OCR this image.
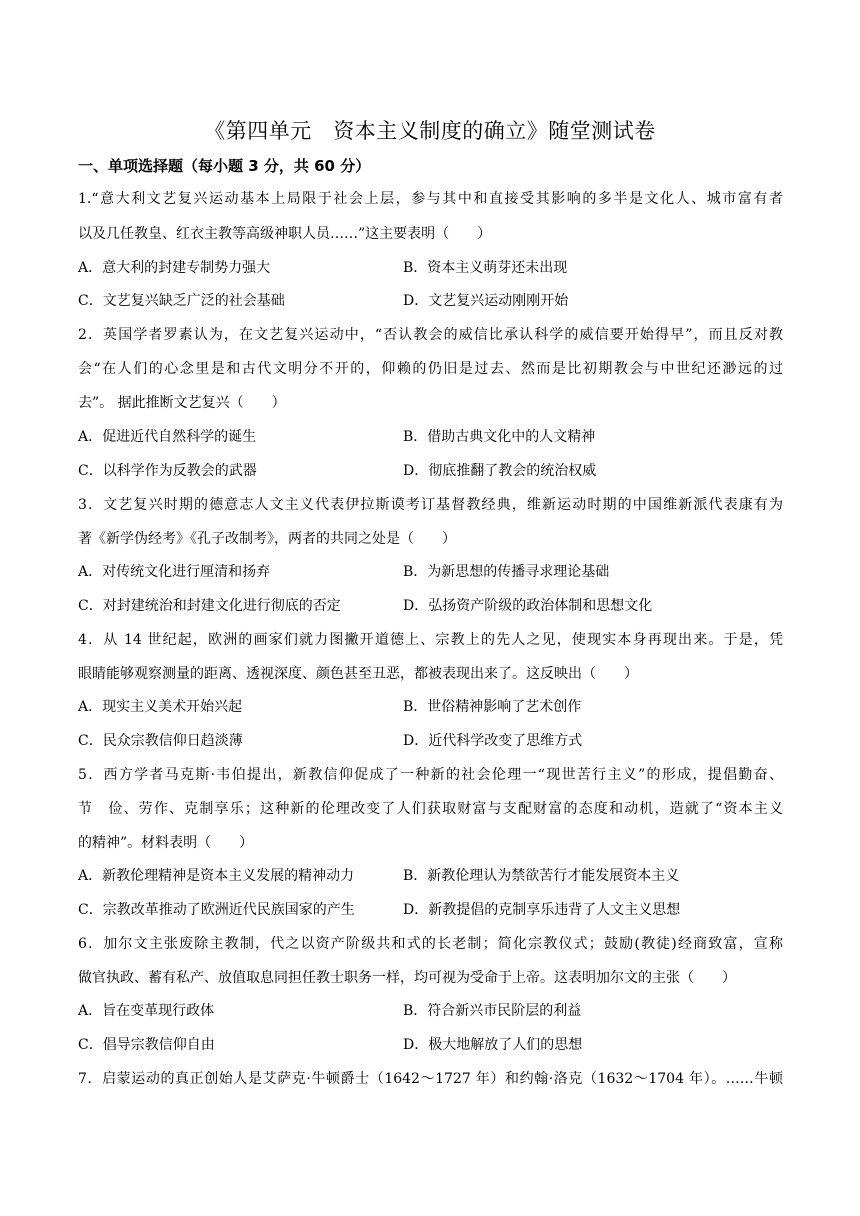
《第四单元　资本主义制度的确立》随堂测试卷
一、单项选择题（每小题 3 分，共 60 分）
1.“意大利文艺复兴运动基本上局限于社会上层，参与其中和直接受其影响的多半是文化人、城市富有者
以及几任教皇、红衣主教等高级神职人员……”这主要表明（　　）
A．意大利的封建专制势力强大	B．资本主义萌芽还未出现
C．文艺复兴缺乏广泛的社会基础	D．文艺复兴运动刚刚开始
2．英国学者罗素认为，在文艺复兴运动中，“否认教会的威信比承认科学的威信要开始得早”，而且反对教
会“在人们的心念里是和古代文明分不开的，仰赖的仍旧是过去、然而是比初期教会与中世纪还渺远的过
去”。 据此推断文艺复兴（　　）
A．促进近代自然科学的诞生	B．借助古典文化中的人文精神
C．以科学作为反教会的武器	D．彻底推翻了教会的统治权威
3．文艺复兴时期的德意志人文主义代表伊拉斯谟考订基督教经典，维新运动时期的中国维新派代表康有为
著《新学伪经考》《孔子改制考》，两者的共同之处是（　　）
A．对传统文化进行厘清和扬弃	B．为新思想的传播寻求理论基础
C．对封建统治和封建文化进行彻底的否定	D．弘扬资产阶级的政治体制和思想文化
4．从 14 世纪起，欧洲的画家们就力图撇开道德上、宗教上的先人之见，使现实本身再现出来。于是，凭
眼睛能够观察测量的距离、透视深度、颜色甚至丑恶，都被表现出来了。这反映出（　　）
A．现实主义美术开始兴起	B．世俗精神影响了艺术创作
C．民众宗教信仰日趋淡薄	D．近代科学改变了思维方式
5．西方学者马克斯·韦伯提出，新教信仰促成了一种新的社会伦理一“现世苦行主义”的形成，提倡勤奋、
节　俭、劳作、克制享乐；这种新的伦理改变了人们获取财富与支配财富的态度和动机，造就了“资本主义
的精神”。材料表明（　　）
A．新教伦理精神是资本主义发展的精神动力	B．新教伦理认为禁欲苦行才能发展资本主义
C．宗教改革推动了欧洲近代民族国家的产生	D．新教提倡的克制享乐违背了人文主义思想
6．加尔文主张废除主教制，代之以资产阶级共和式的长老制；简化宗教仪式；鼓励(教徒)经商致富，宣称
做官执政、蓄有私产、放值取息同担任教士职务一样，均可视为受命于上帝。这表明加尔文的主张（　　）
A．旨在变革现行政体	B．符合新兴市民阶层的利益
C．倡导宗教信仰自由	D．极大地解放了人们的思想
7．启蒙运动的真正创始人是艾萨克·牛顿爵士（1642～1727 年）和约翰·洛克（1632～1704 年）。……牛顿
